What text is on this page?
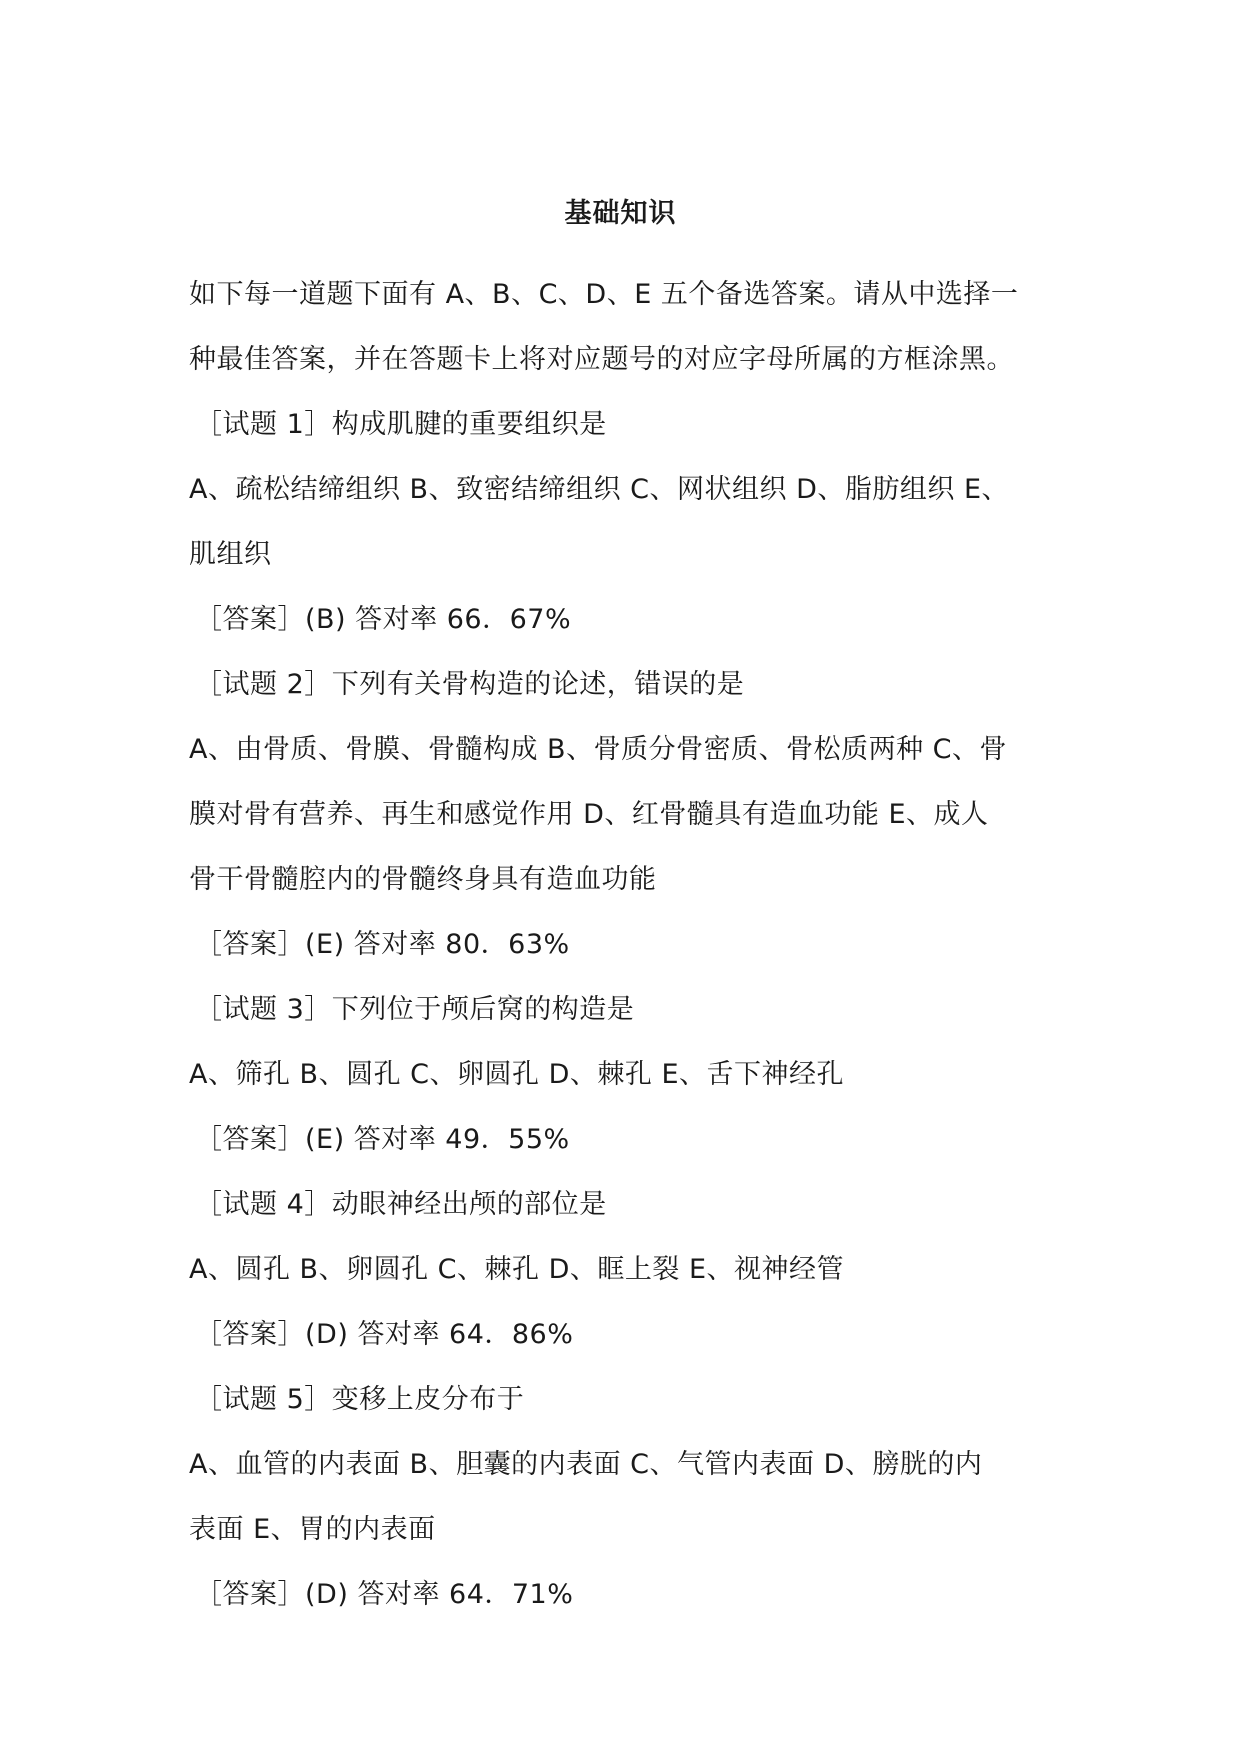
基础知识
如下每一道题下面有 A、B、C、D、E 五个备选答案。请从中选择一
种最佳答案，并在答题卡上将对应题号的对应字母所属的方框涂黑。
［试题 1］构成肌腱的重要组织是
A、疏松结缔组织 B、致密结缔组织 C、网状组织 D、脂肪组织 E、
肌组织
［答案］(B) 答对率 66．67%
［试题 2］下列有关骨构造的论述，错误的是
A、由骨质、骨膜、骨髓构成 B、骨质分骨密质、骨松质两种 C、骨
膜对骨有营养、再生和感觉作用 D、红骨髓具有造血功能 E、成人
骨干骨髓腔内的骨髓终身具有造血功能
［答案］(E) 答对率 80．63%
［试题 3］下列位于颅后窝的构造是
A、筛孔 B、圆孔 C、卵圆孔 D、棘孔 E、舌下神经孔
［答案］(E) 答对率 49．55%
［试题 4］动眼神经出颅的部位是
A、圆孔 B、卵圆孔 C、棘孔 D、眶上裂 E、视神经管
［答案］(D) 答对率 64．86%
［试题 5］变移上皮分布于
A、血管的内表面 B、胆囊的内表面 C、气管内表面 D、膀胱的内
表面 E、胃的内表面
［答案］(D) 答对率 64．71%
